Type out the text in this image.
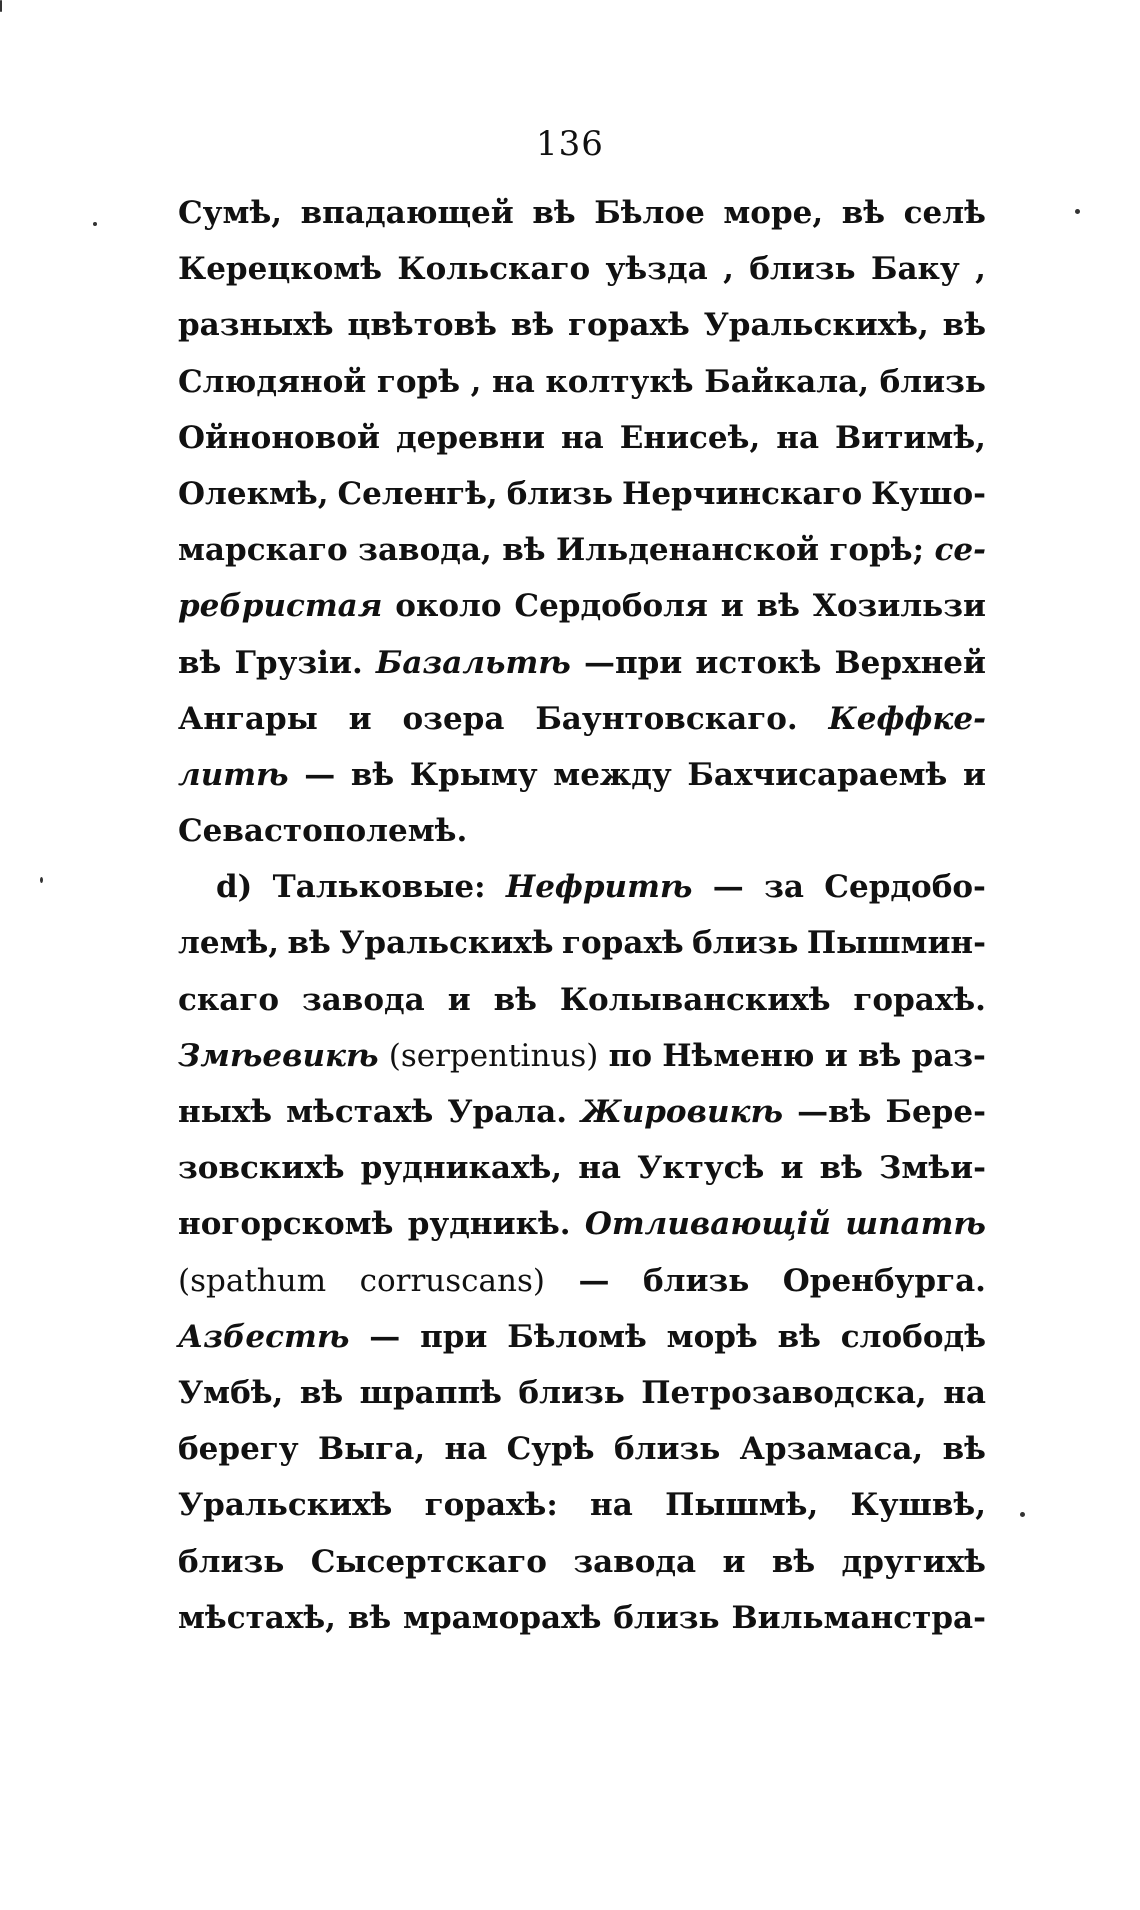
136
Сумѣ, впадающей вѣ Бѣлое море, вѣ селѣ
Керецкомѣ Кольскаго уѣзда , близь Баку ,
разныхѣ цвѣтовѣ вѣ горахѣ Уральскихѣ, вѣ
Слюдяной горѣ , на колтукѣ Байкала, близь
Ойноновой деревни на Енисеѣ, на Витимѣ,
Олекмѣ, Селенгѣ, близь Нерчинскаго Кушо-
марскаго завода, вѣ Ильденанской горѣ; се-
ребристая около Сердоболя и вѣ Хозильзи
вѣ Грузіи. Базальтѣ —при истокѣ Верхней
Ангары и озера Баунтовскаго. Кеффке-
литѣ — вѣ Крыму между Бахчисараемѣ и
Севастополемѣ.
d) Тальковые: Нефритѣ — за Сердобо-
лемѣ, вѣ Уральскихѣ горахѣ близь Пышмин-
скаго завода и вѣ Колыванскихѣ горахѣ.
Змѣевикѣ (serpentinus) по Нѣменю и вѣ раз-
ныхѣ мѣстахѣ Урала. Жировикѣ —вѣ Бере-
зовскихѣ рудникахѣ, на Уктусѣ и вѣ Змѣи-
ногорскомѣ рудникѣ. Отливающій шпатѣ
(spathum corruscans) — близь Оренбурга.
Азбестѣ — при Бѣломѣ морѣ вѣ слободѣ
Умбѣ, вѣ шраппѣ близь Петрозаводска, на
берегу Выга, на Сурѣ близь Арзамаса, вѣ
Уральскихѣ горахѣ: на Пышмѣ, Кушвѣ,
близь Сысертскаго завода и вѣ другихѣ
мѣстахѣ, вѣ мраморахѣ близь Вильманстра-
